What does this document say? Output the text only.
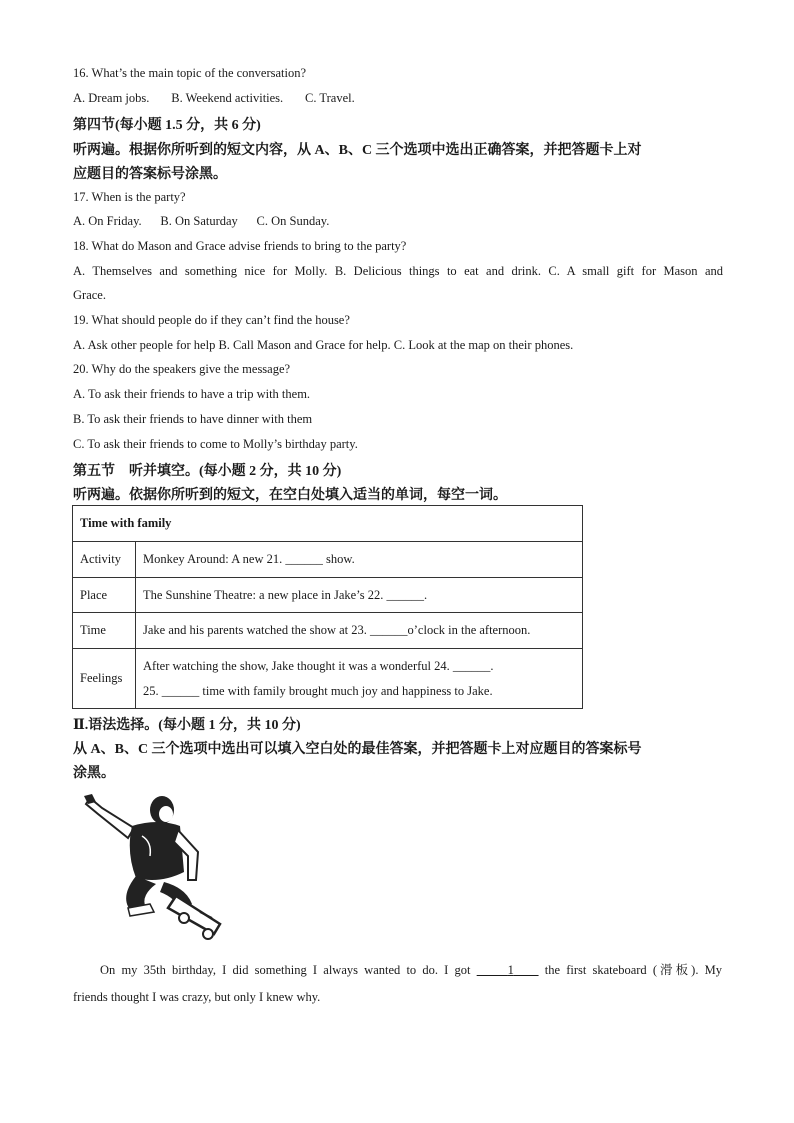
16. What’s the main topic of the conversation?
A. Dream jobs.       B. Weekend activities.       C. Travel.
第四节(每小题 1.5 分，共 6 分)
听两遍。根据你所听到的短文内容，从 A、B、C 三个选项中选出正确答案，并把答题卡上对
应题目的答案标号涂黑。
17. When is the party?
A. On Friday.      B. On Saturday      C. On Sunday.
18. What do Mason and Grace advise friends to bring to the party?
A. Themselves and something nice for Molly. B. Delicious things to eat and drink. C. A small gift for Mason and
Grace.
19. What should people do if they can’t find the house?
A. Ask other people for help B. Call Mason and Grace for help. C. Look at the map on their phones.
20. Why do the speakers give the message?
A. To ask their friends to have a trip with them.
B. To ask their friends to have dinner with them
C. To ask their friends to come to Molly’s birthday party.
第五节　听并填空。(每小题 2 分，共 10 分)
听两遍。依据你所听到的短文，在空白处填入适当的单词，每空一词。
Time with family	
Activity	Monkey Around: A new 21. ______ show.
Place	The Sunshine Theatre: a new place in Jake’s 22. ______.
Time	Jake and his parents watched the show at 23. ______o’clock in the afternoon.
Feelings	After watching the show, Jake thought it was a wonderful 24. ______.
25. ______ time with family brought much joy and happiness to Jake.
Ⅱ.语法选择。(每小题 1 分，共 10 分)
从 A、B、C 三个选项中选出可以填入空白处的最佳答案，并把答题卡上对应题目的答案标号
涂黑。
On my 35th birthday, I did something I always wanted to do. I got      1     the first skateboard (滑板). My
friends thought I was crazy, but only I knew why.
